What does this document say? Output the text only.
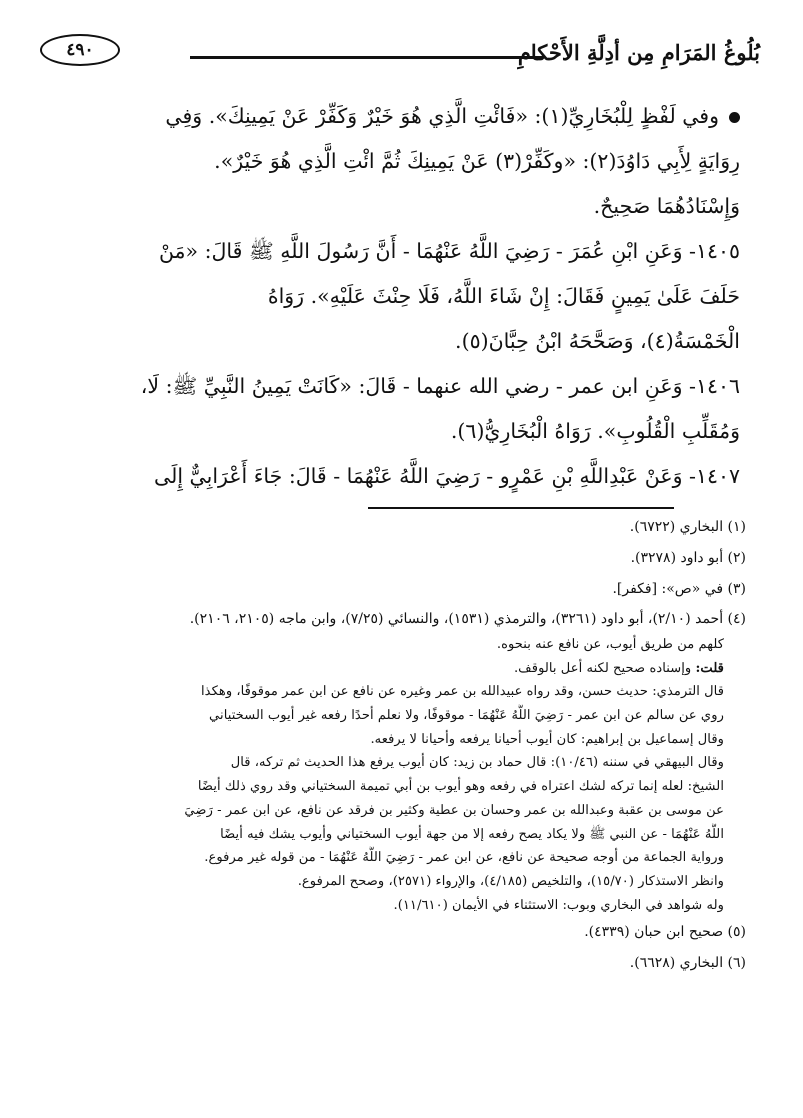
بُلُوغُ المَرَامِ مِن أدِلَّةِ الأَحْكامِ
٤٩٠
وفي لَفْظٍ لِلْبُخَارِيِّ(١): «فَائْتِ الَّذِي هُوَ خَيْرٌ وَكَفِّرْ عَنْ يَمِينِكَ». وَفِي
رِوَايَةٍ لِأَبِي دَاوُدَ(٢): «وكَفِّرْ(٣) عَنْ يَمِينِكَ ثُمَّ ائْتِ الَّذِي هُوَ خَيْرٌ».
وَإِسْنَادُهُمَا صَحِيحٌ.
١٤٠٥- وَعَنِ ابْنِ عُمَرَ - رَضِيَ اللَّهُ عَنْهُمَا - أَنَّ رَسُولَ اللَّهِ ﷺ قَالَ: «مَنْ
حَلَفَ عَلَىٰ يَمِينٍ فَقَالَ: إِنْ شَاءَ اللَّهُ، فَلَا حِنْثَ عَلَيْهِ». رَوَاهُ
الْخَمْسَةُ(٤)، وَصَحَّحَهُ ابْنُ حِبَّانَ(٥).
١٤٠٦- وَعَنِ ابن عمر - رضي الله عنهما - قَالَ: «كَانَتْ يَمِينُ النَّبِيِّ ﷺ: لَا،
وَمُقَلِّبِ الْقُلُوبِ». رَوَاهُ الْبُخَارِيُّ(٦).
١٤٠٧- وَعَنْ عَبْدِاللَّهِ بْنِ عَمْرٍو - رَضِيَ اللَّهُ عَنْهُمَا - قَالَ: جَاءَ أَعْرَابِيٌّ إِلَى
(١) البخاري (٦٧٢٢).
(٢) أبو داود (٣٢٧٨).
(٣) في «ص»: [فكفر].
(٤) أحمد (٢/١٠)، أبو داود (٣٢٦١)، والترمذي (١٥٣١)، والنسائي (٧/٢٥)، وابن ماجه (٢١٠٥، ٢١٠٦).
كلهم من طريق أيوب، عن نافع عنه بنحوه.
قلت: وإسناده صحيح لكنه أعل بالوقف.
قال الترمذي: حديث حسن، وقد رواه عبيدالله بن عمر وغيره عن نافع عن ابن عمر موقوفًا، وهكذا
روي عن سالم عن ابن عمر - رَضِيَ اللَّهُ عَنْهُمَا - موقوفًا، ولا نعلم أحدًا رفعه غير أيوب السختياني
وقال إسماعيل بن إبراهيم: كان أيوب أحيانا يرفعه وأحيانا لا يرفعه.
وقال البيهقي في سننه (١٠/٤٦): قال حماد بن زيد: كان أيوب يرفع هذا الحديث ثم تركه، قال
الشيخ: لعله إنما تركه لشك اعتراه في رفعه وهو أيوب بن أبي تميمة السختياني وقد روي ذلك أيضًا
عن موسى بن عقبة وعبدالله بن عمر وحسان بن عطية وكثير بن فرقد عن نافع، عن ابن عمر - رَضِيَ
اللَّهُ عَنْهُمَا - عن النبي ﷺ ولا يكاد يصح رفعه إلا من جهة أيوب السختياني وأيوب يشك فيه أيضًا
ورواية الجماعة من أوجه صحيحة عن نافع، عن ابن عمر - رَضِيَ اللَّهُ عَنْهُمَا - من قوله غير مرفوع.
وانظر الاستذكار (١٥/٧٠)، والتلخيص (٤/١٨٥)، والإرواء (٢٥٧١)، وصحح المرفوع.
وله شواهد في البخاري وبوب: الاستثناء في الأيمان (١١/٦١٠).
(٥) صحيح ابن حبان (٤٣٣٩).
(٦) البخاري (٦٦٢٨).
